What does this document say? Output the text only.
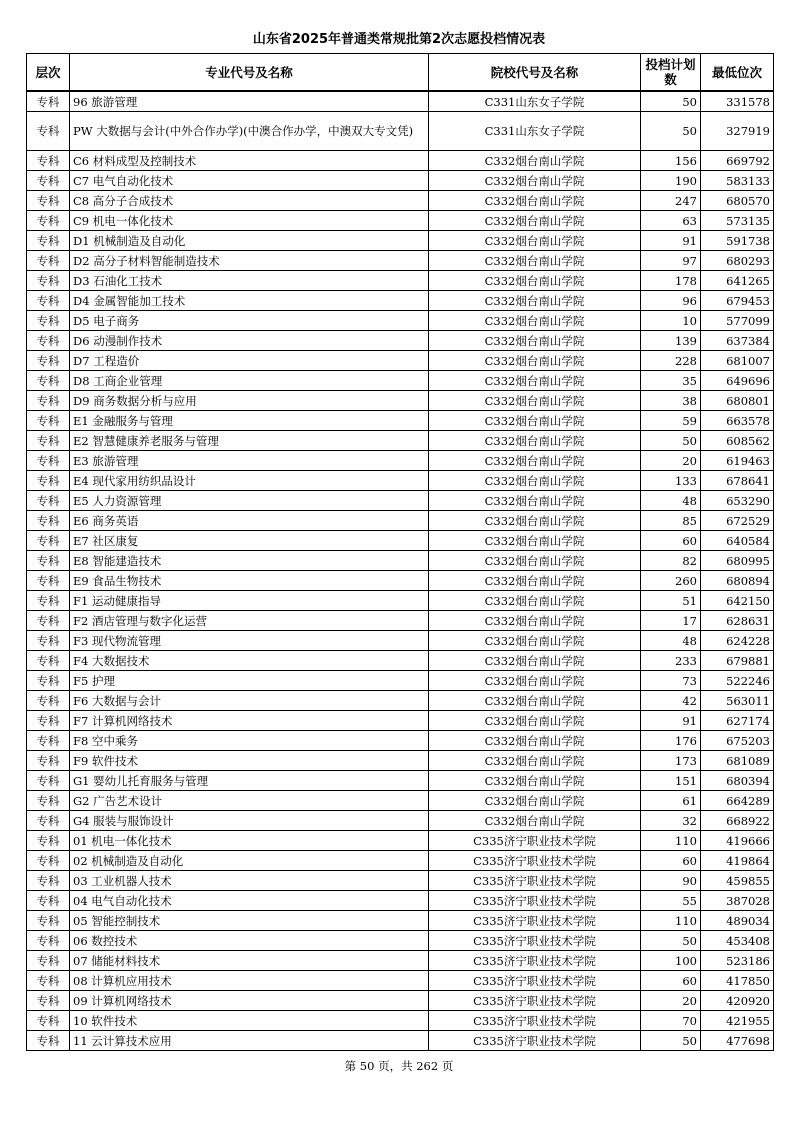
山东省2025年普通类常规批第2次志愿投档情况表
层次	专业代号及名称	院校代号及名称	投档计划数	最低位次
专科	96 旅游管理	C331山东女子学院	50	331578
专科	PW 大数据与会计(中外合作办学)(中澳合作办学，中澳双大专文凭)	C331山东女子学院	50	327919
专科	C6 材料成型及控制技术	C332烟台南山学院	156	669792
专科	C7 电气自动化技术	C332烟台南山学院	190	583133
专科	C8 高分子合成技术	C332烟台南山学院	247	680570
专科	C9 机电一体化技术	C332烟台南山学院	63	573135
专科	D1 机械制造及自动化	C332烟台南山学院	91	591738
专科	D2 高分子材料智能制造技术	C332烟台南山学院	97	680293
专科	D3 石油化工技术	C332烟台南山学院	178	641265
专科	D4 金属智能加工技术	C332烟台南山学院	96	679453
专科	D5 电子商务	C332烟台南山学院	10	577099
专科	D6 动漫制作技术	C332烟台南山学院	139	637384
专科	D7 工程造价	C332烟台南山学院	228	681007
专科	D8 工商企业管理	C332烟台南山学院	35	649696
专科	D9 商务数据分析与应用	C332烟台南山学院	38	680801
专科	E1 金融服务与管理	C332烟台南山学院	59	663578
专科	E2 智慧健康养老服务与管理	C332烟台南山学院	50	608562
专科	E3 旅游管理	C332烟台南山学院	20	619463
专科	E4 现代家用纺织品设计	C332烟台南山学院	133	678641
专科	E5 人力资源管理	C332烟台南山学院	48	653290
专科	E6 商务英语	C332烟台南山学院	85	672529
专科	E7 社区康复	C332烟台南山学院	60	640584
专科	E8 智能建造技术	C332烟台南山学院	82	680995
专科	E9 食品生物技术	C332烟台南山学院	260	680894
专科	F1 运动健康指导	C332烟台南山学院	51	642150
专科	F2 酒店管理与数字化运营	C332烟台南山学院	17	628631
专科	F3 现代物流管理	C332烟台南山学院	48	624228
专科	F4 大数据技术	C332烟台南山学院	233	679881
专科	F5 护理	C332烟台南山学院	73	522246
专科	F6 大数据与会计	C332烟台南山学院	42	563011
专科	F7 计算机网络技术	C332烟台南山学院	91	627174
专科	F8 空中乘务	C332烟台南山学院	176	675203
专科	F9 软件技术	C332烟台南山学院	173	681089
专科	G1 婴幼儿托育服务与管理	C332烟台南山学院	151	680394
专科	G2 广告艺术设计	C332烟台南山学院	61	664289
专科	G4 服装与服饰设计	C332烟台南山学院	32	668922
专科	01 机电一体化技术	C335济宁职业技术学院	110	419666
专科	02 机械制造及自动化	C335济宁职业技术学院	60	419864
专科	03 工业机器人技术	C335济宁职业技术学院	90	459855
专科	04 电气自动化技术	C335济宁职业技术学院	55	387028
专科	05 智能控制技术	C335济宁职业技术学院	110	489034
专科	06 数控技术	C335济宁职业技术学院	50	453408
专科	07 储能材料技术	C335济宁职业技术学院	100	523186
专科	08 计算机应用技术	C335济宁职业技术学院	60	417850
专科	09 计算机网络技术	C335济宁职业技术学院	20	420920
专科	10 软件技术	C335济宁职业技术学院	70	421955
专科	11 云计算技术应用	C335济宁职业技术学院	50	477698
第 50 页，共 262 页
